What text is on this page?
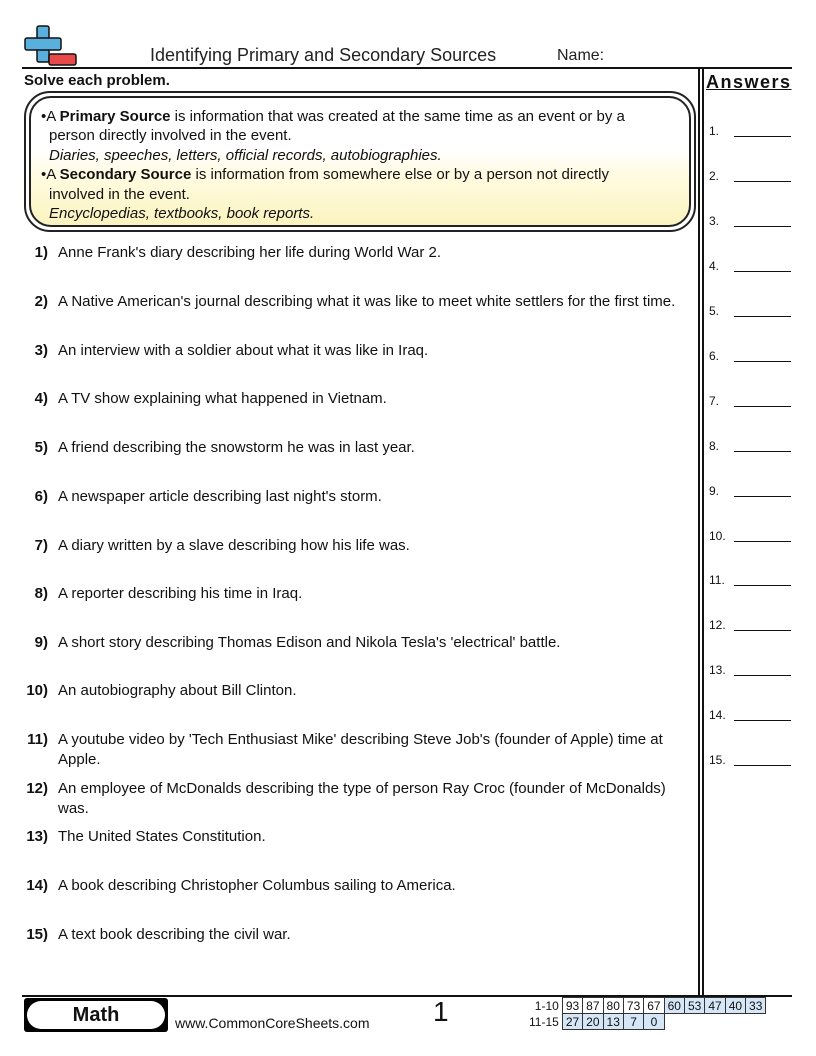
Identifying Primary and Secondary Sources	Name:
Solve each problem.	Answers
•A Primary Source is information that was created at the same time as an event or by a
person directly involved in the event.
Diaries, speeches, letters, official records, autobiographies.
•A Secondary Source is information from somewhere else or by a person not directly
involved in the event.
Encyclopedias, textbooks, book reports.
1) Anne Frank's diary describing her life during World War 2.
2) A Native American's journal describing what it was like to meet white settlers for the first time.
3) An interview with a soldier about what it was like in Iraq.
4) A TV show explaining what happened in Vietnam.
5) A friend describing the snowstorm he was in last year.
6) A newspaper article describing last night's storm.
7) A diary written by a slave describing how his life was.
8) A reporter describing his time in Iraq.
9) A short story describing Thomas Edison and Nikola Tesla's 'electrical' battle.
10) An autobiography about Bill Clinton.
11) A youtube video by 'Tech Enthusiast Mike' describing Steve Job's (founder of Apple) time at Apple.
12) An employee of McDonalds describing the type of person Ray Croc (founder of McDonalds) was.
13) The United States Constitution.
14) A book describing Christopher Columbus sailing to America.
15) A text book describing the civil war.
1.
2.
3.
4.
5.
6.
7.
8.
9.
10.
11.
12.
13.
14.
15.
Math	www.CommonCoreSheets.com 1	1-10	93	87	80	73	67	60	53	47	40	33
11-15	27	20	13	7	0					
